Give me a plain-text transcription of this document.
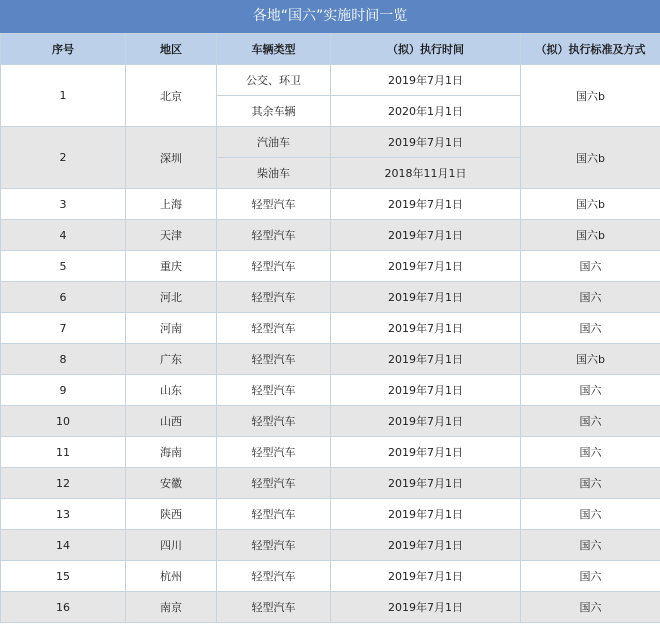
各地“国六”实施时间一览
序号	地区	车辆类型	（拟）执行时间	（拟）执行标准及方式
1	北京	公交、环卫	2019年7月1日	国六b
		其余车辆	2020年1月1日	
2	深圳	汽油车	2019年7月1日	国六b
		柴油车	2018年11月1日	
3	上海	轻型汽车	2019年7月1日	国六b
4	天津	轻型汽车	2019年7月1日	国六b
5	重庆	轻型汽车	2019年7月1日	国六
6	河北	轻型汽车	2019年7月1日	国六
7	河南	轻型汽车	2019年7月1日	国六
8	广东	轻型汽车	2019年7月1日	国六b
9	山东	轻型汽车	2019年7月1日	国六
10	山西	轻型汽车	2019年7月1日	国六
11	海南	轻型汽车	2019年7月1日	国六
12	安徽	轻型汽车	2019年7月1日	国六
13	陕西	轻型汽车	2019年7月1日	国六
14	四川	轻型汽车	2019年7月1日	国六
15	杭州	轻型汽车	2019年7月1日	国六
16	南京	轻型汽车	2019年7月1日	国六
